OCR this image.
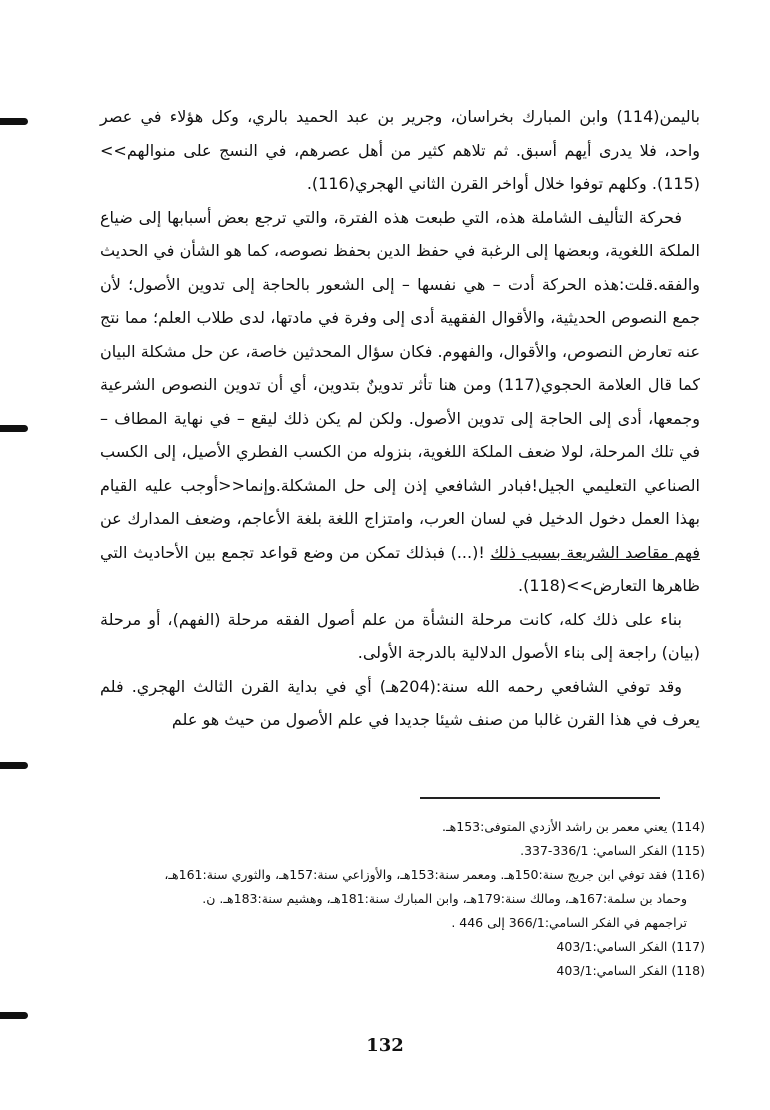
باليمن(114) وابن المبارك بخراسان، وجرير بن عبد الحميد بالري، وكل هؤلاء في عصر واحد، فلا يدرى أيهم أسبق. ثم تلاهم كثير من أهل عصرهم، في النسج على منوالهم>>(115). وكلهم توفوا خلال أواخر القرن الثاني الهجري(116).

فحركة التأليف الشاملة هذه، التي طبعت هذه الفترة، والتي ترجع بعض أسبابها إلى ضياع الملكة اللغوية، وبعضها إلى الرغبة في حفظ الدين بحفظ نصوصه، كما هو الشأن في الحديث والفقه.قلت:هذه الحركة أدت – هي نفسها – إلى الشعور بالحاجة إلى تدوين الأصول؛ لأن جمع النصوص الحديثية، والأقوال الفقهية أدى إلى وفرة في مادتها، لدى طلاب العلم؛ مما نتج عنه تعارض النصوص، والأقوال، والفهوم. فكان سؤال المحدثين خاصة، عن حل مشكلة البيان كما قال العلامة الحجوي(117) ومن هنا تأثر تدوينٌ بتدوين، أي أن تدوين النصوص الشرعية وجمعها، أدى إلى الحاجة إلى تدوين الأصول. ولكن لم يكن ذلك ليقع – في نهاية المطاف – في تلك المرحلة، لولا ضعف الملكة اللغوية، بنزوله من الكسب الفطري الأصيل، إلى الكسب الصناعي التعليمي الجيل!فبادر الشافعي إذن إلى حل المشكلة.وإنما<<أوجب عليه القيام بهذا العمل دخول الدخيل في لسان العرب، وامتزاج اللغة بلغة الأعاجم، وضعف المدارك عن فهم مقاصد الشريعة بسبب ذلك !(...) فبذلك تمكن من وضع قواعد تجمع بين الأحاديث التي ظاهرها التعارض>>(118).

بناء على ذلك كله، كانت مرحلة النشأة من علم أصول الفقه مرحلة (الفهم)، أو مرحلة (بيان) راجعة إلى بناء الأصول الدلالية بالدرجة الأولى.

وقد توفي الشافعي رحمه الله سنة:(204هـ) أي في بداية القرن الثالث الهجري. فلم يعرف في هذا القرن غالبا من صنف شيئا جديدا في علم الأصول من حيث هو علم

(114) يعني معمر بن راشد الأزدي المتوفى:153هـ.

(115) الفكر السامي: 336/1-337.

(116) فقد توفي ابن جريج سنة:150هـ. ومعمر سنة:153هـ، والأوزاعي سنة:157هـ، والثوري سنة:161هـ،

وحماد بن سلمة:167هـ، ومالك سنة:179هـ، وابن المبارك سنة:181هـ، وهشيم سنة:183هـ. ن.

تراجمهم في الفكر السامي:366/1 إلى 446 .

(117) الفكر السامي:403/1

(118) الفكر السامي:403/1

132
